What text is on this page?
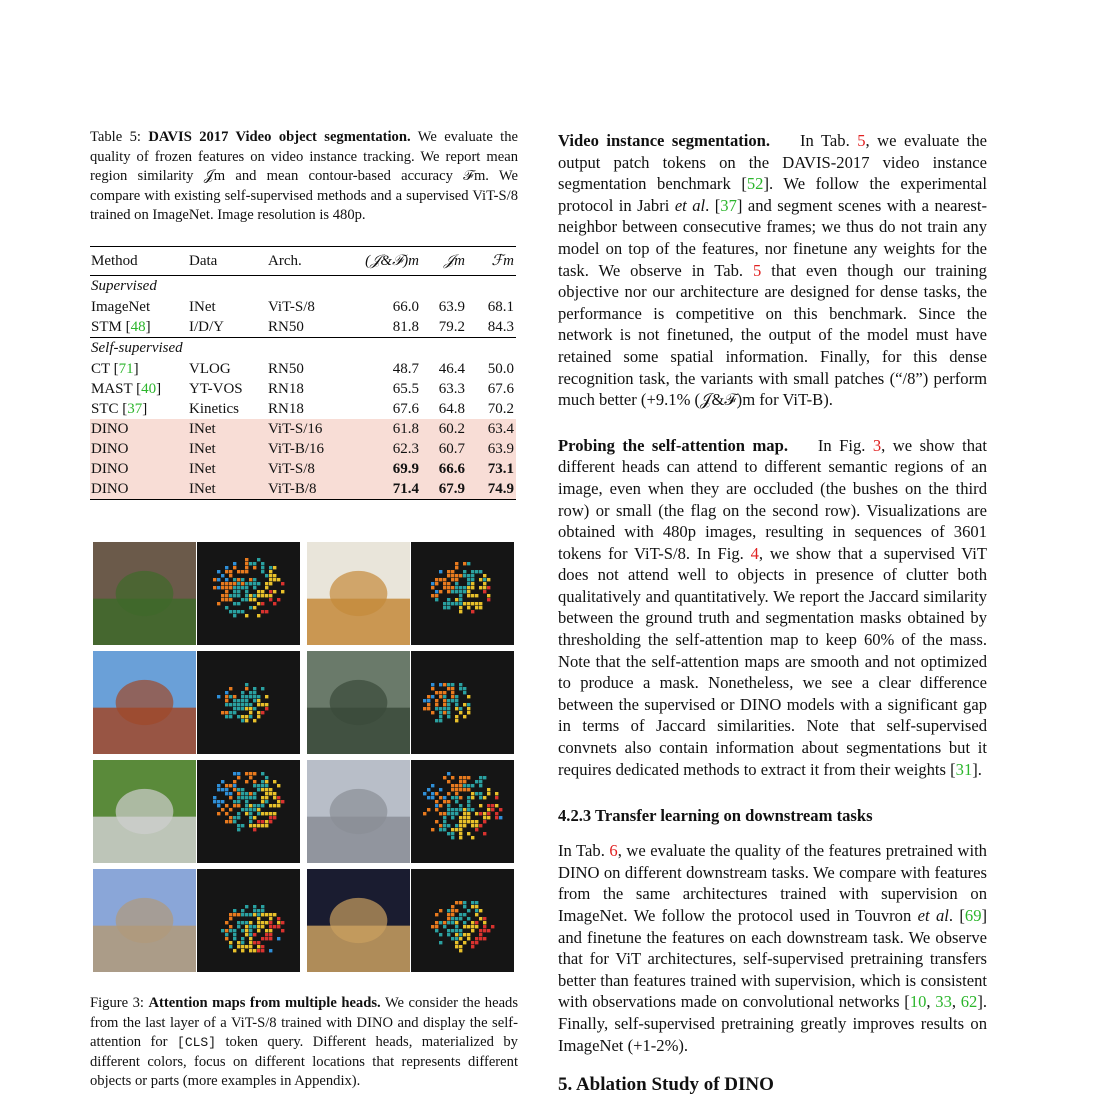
Table 5: DAVIS 2017 Video object segmentation. We evaluate the quality of frozen features on video instance tracking. We report mean region similarity 𝒥m and mean contour-based accuracy ℱm. We compare with existing self-supervised methods and a supervised ViT-S/8 trained on ImageNet. Image resolution is 480p.
Method	Data	Arch.	(𝒥&ℱ)m	𝒥m	ℱm
Supervised					
ImageNet	INet	ViT-S/8	66.0	63.9	68.1
STM [48]	I/D/Y	RN50	81.8	79.2	84.3
Self-supervised					
CT [71]	VLOG	RN50	48.7	46.4	50.0
MAST [40]	YT-VOS	RN18	65.5	63.3	67.6
STC [37]	Kinetics	RN18	67.6	64.8	70.2
DINO	INet	ViT-S/16	61.8	60.2	63.4
DINO	INet	ViT-B/16	62.3	60.7	63.9
DINO	INet	ViT-S/8	69.9	66.6	73.1
DINO	INet	ViT-B/8	71.4	67.9	74.9
Figure 3: Attention maps from multiple heads. We consider the heads from the last layer of a ViT-S/8 trained with DINO and display the self-attention for [CLS] token query. Different heads, materialized by different colors, focus on different locations that represents different objects or parts (more examples in Appendix).

Video instance segmentation. In Tab. 5, we evaluate the output patch tokens on the DAVIS-2017 video instance segmentation benchmark [52]. We follow the experimental protocol in Jabri et al. [37] and segment scenes with a nearest-neighbor between consecutive frames; we thus do not train any model on top of the features, nor finetune any weights for the task. We observe in Tab. 5 that even though our training objective nor our architecture are designed for dense tasks, the performance is competitive on this benchmark. Since the network is not finetuned, the output of the model must have retained some spatial information. Finally, for this dense recognition task, the variants with small patches (“/8”) perform much better (+9.1% (𝒥&ℱ)m for ViT-B).

Probing the self-attention map. In Fig. 3, we show that different heads can attend to different semantic regions of an image, even when they are occluded (the bushes on the third row) or small (the flag on the second row). Visualizations are obtained with 480p images, resulting in sequences of 3601 tokens for ViT-S/8. In Fig. 4, we show that a supervised ViT does not attend well to objects in presence of clutter both qualitatively and quantitatively. We report the Jaccard similarity between the ground truth and segmentation masks obtained by thresholding the self-attention map to keep 60% of the mass. Note that the self-attention maps are smooth and not optimized to produce a mask. Nonetheless, we see a clear difference between the supervised or DINO models with a significant gap in terms of Jaccard similarities. Note that self-supervised convnets also contain information about segmentations but it requires dedicated methods to extract it from their weights [31].

4.2.3 Transfer learning on downstream tasks

In Tab. 6, we evaluate the quality of the features pretrained with DINO on different downstream tasks. We compare with features from the same architectures trained with supervision on ImageNet. We follow the protocol used in Touvron et al. [69] and finetune the features on each downstream task. We observe that for ViT architectures, self-supervised pretraining transfers better than features trained with supervision, which is consistent with observations made on convolutional networks [10, 33, 62]. Finally, self-supervised pretraining greatly improves results on ImageNet (+1-2%).

5. Ablation Study of DINO
